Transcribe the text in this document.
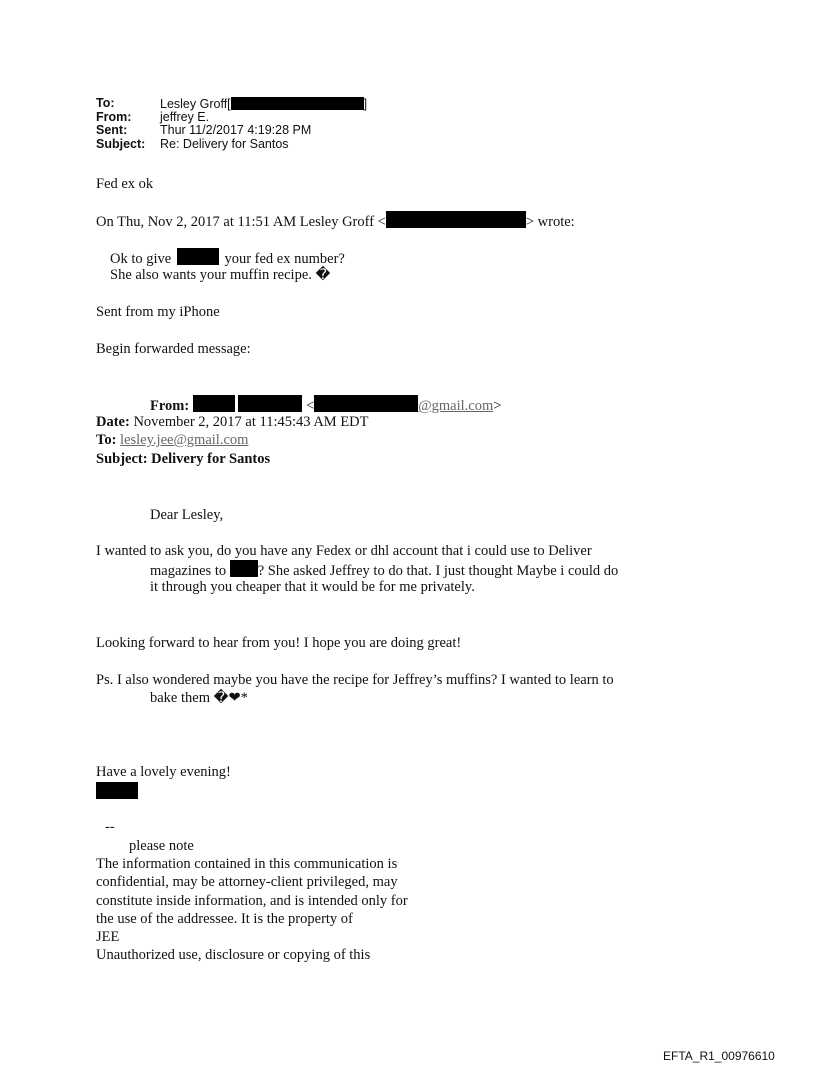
To:	Lesley Groff[	]
From: jeffrey E.
Sent:	Thur 11/2/2017 4:19:28 PM
Subject: Re: Delivery for Santos
Fed ex ok
On Thu, Nov 2, 2017 at 11:51 AM Lesley Groff <	> wrote:
Ok to give	your fed ex number?
She also wants your muffin recipe. �
Sent from my iPhone
Begin forwarded message:
From:	<	@gmail.com>
Date: November 2, 2017 at 11:45:43 AM EDT
To: lesley.jee@gmail.com
Subject: Delivery for Santos
Dear Lesley,
I wanted to ask you, do you have any Fedex or dhl account that i could use to Deliver
magazines to ? She asked Jeffrey to do that. I just thought Maybe i could do
it through you cheaper that it would be for me privately.
Looking forward to hear from you! I hope you are doing great!
Ps. I also wondered maybe you have the recipe for Jeffrey’s muffins? I wanted to learn to
bake them �❤*
Have a lovely evening!
--
please note
The information contained in this communication is
confidential, may be attorney-client privileged, may
constitute inside information, and is intended only for
the use of the addressee. It is the property of
JEE
Unauthorized use, disclosure or copying of this
EFTA_R1_00976610
